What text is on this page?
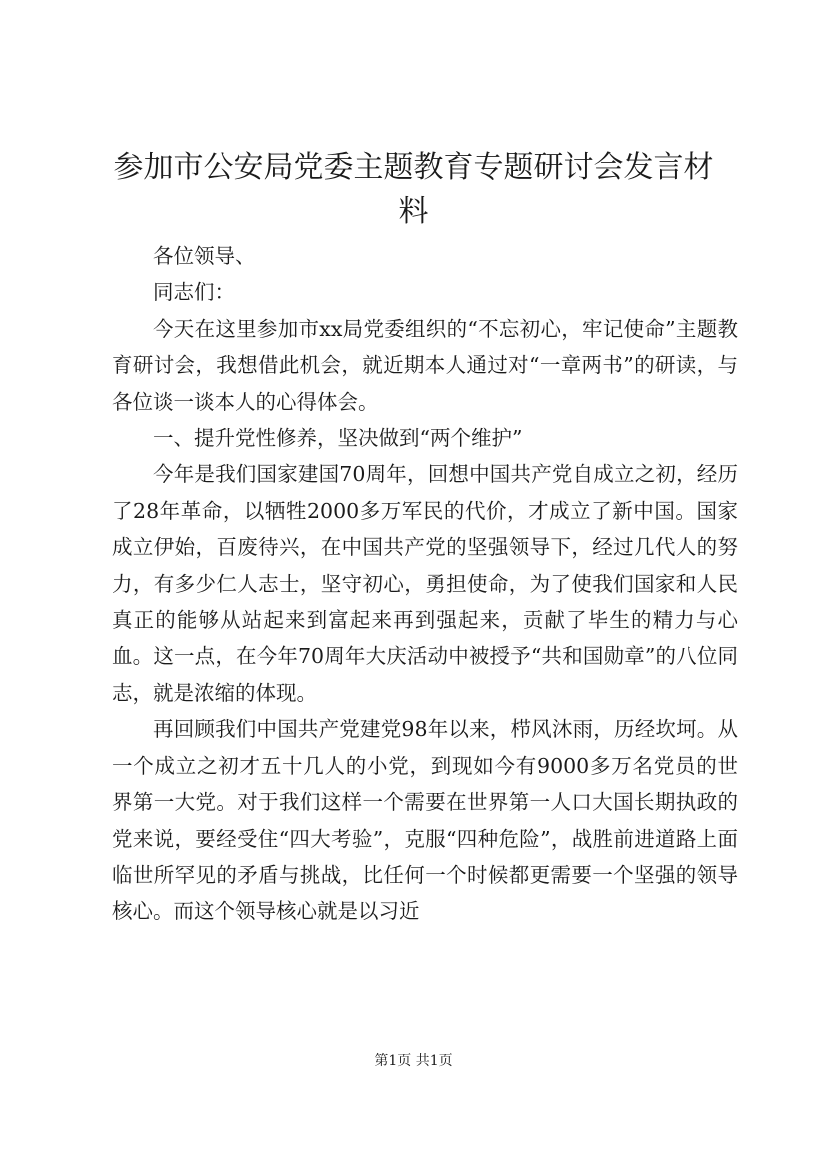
参加市公安局党委主题教育专题研讨会发言材料

各位领导、

同志们：

今天在这里参加市xx局党委组织的“不忘初心，牢记使命”主题教育研讨会，我想借此机会，就近期本人通过对“一章两书”的研读，与各位谈一谈本人的心得体会。

一、提升党性修养，坚决做到“两个维护”

今年是我们国家建国70周年，回想中国共产党自成立之初，经历了28年革命，以牺牲2000多万军民的代价，才成立了新中国。国家成立伊始，百废待兴，在中国共产党的坚强领导下，经过几代人的努力，有多少仁人志士，坚守初心，勇担使命，为了使我们国家和人民真正的能够从站起来到富起来再到强起来，贡献了毕生的精力与心血。这一点，在今年70周年大庆活动中被授予“共和国勋章”的八位同志，就是浓缩的体现。

再回顾我们中国共产党建党98年以来，栉风沐雨，历经坎坷。从一个成立之初才五十几人的小党，到现如今有9000多万名党员的世界第一大党。对于我们这样一个需要在世界第一人口大国长期执政的党来说，要经受住“四大考验”，克服“四种危险”，战胜前进道路上面临世所罕见的矛盾与挑战，比任何一个时候都更需要一个坚强的领导核心。而这个领导核心就是以习近

第1页 共1页
